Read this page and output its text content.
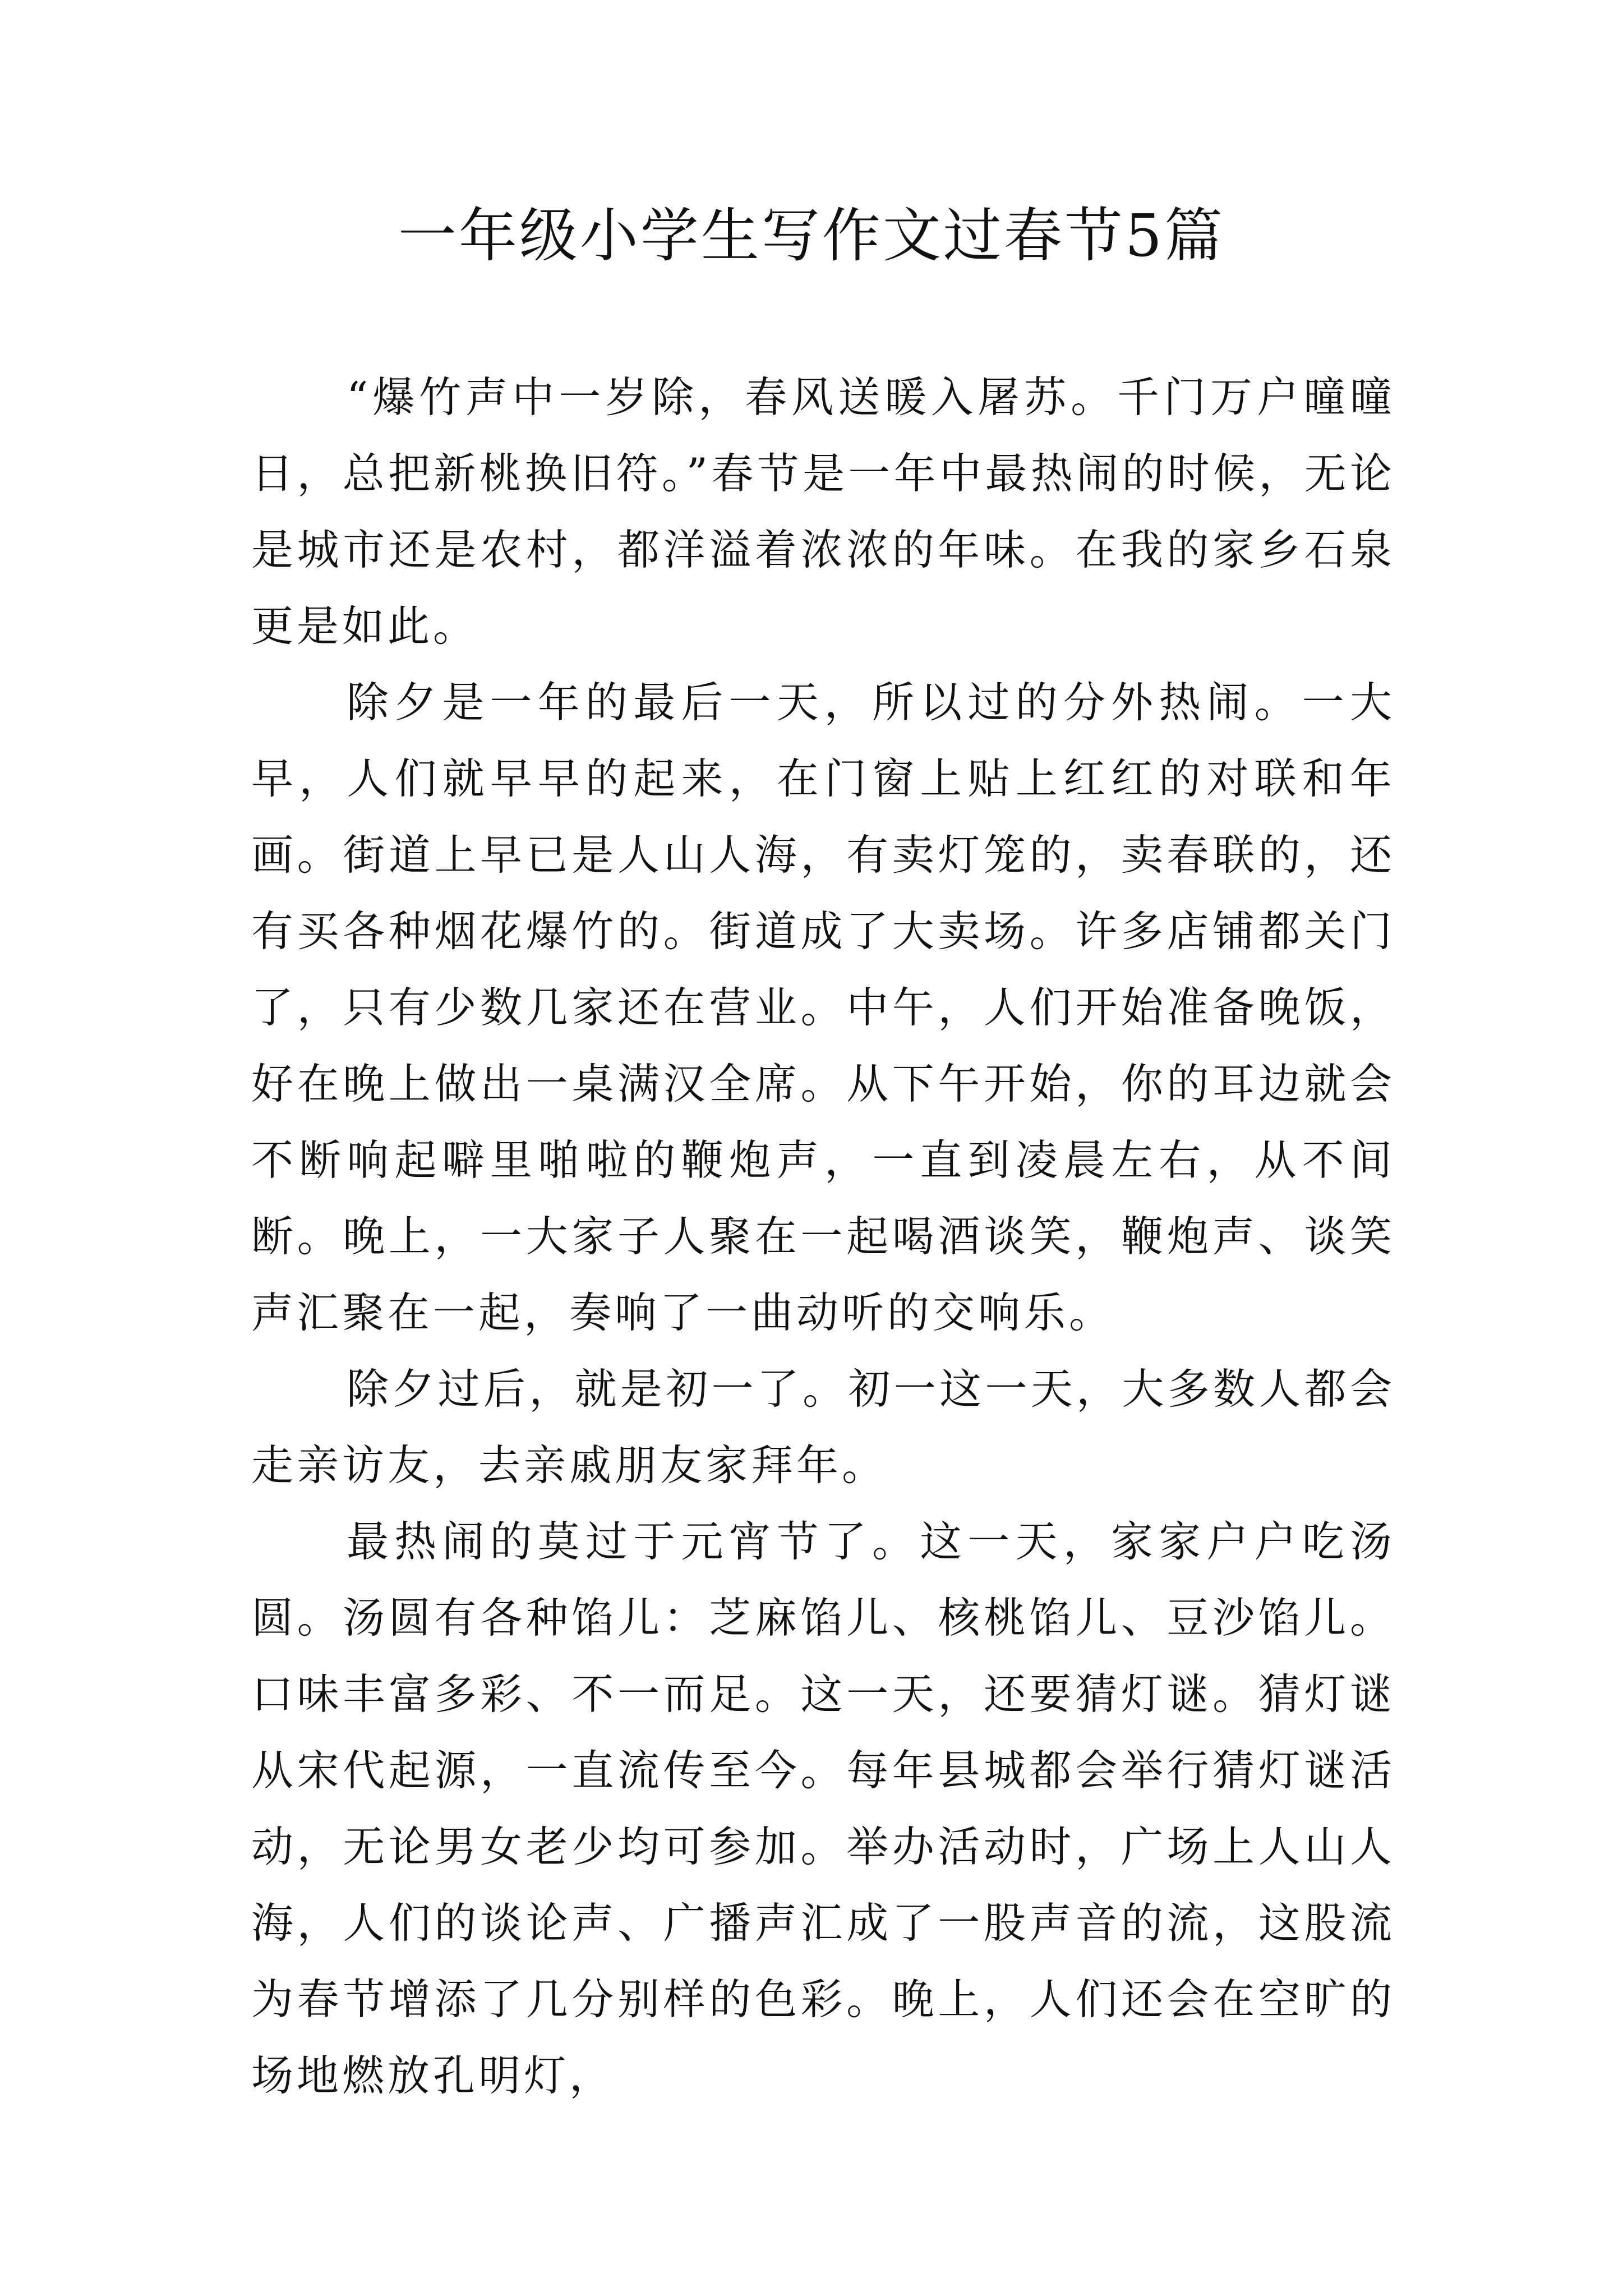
一年级小学生写作文过春节5篇

“爆竹声中一岁除，春风送暖入屠苏。千门万户曈曈日，总把新桃换旧符。”春节是一年中最热闹的时候，无论是城市还是农村，都洋溢着浓浓的年味。在我的家乡石泉更是如此。

除夕是一年的最后一天，所以过的分外热闹。一大早，人们就早早的起来，在门窗上贴上红红的对联和年画。街道上早已是人山人海，有卖灯笼的，卖春联的，还有买各种烟花爆竹的。街道成了大卖场。许多店铺都关门了，只有少数几家还在营业。中午，人们开始准备晚饭，好在晚上做出一桌满汉全席。从下午开始，你的耳边就会不断响起噼里啪啦的鞭炮声，一直到凌晨左右，从不间断。晚上，一大家子人聚在一起喝酒谈笑，鞭炮声、谈笑声汇聚在一起，奏响了一曲动听的交响乐。

除夕过后，就是初一了。初一这一天，大多数人都会走亲访友，去亲戚朋友家拜年。

最热闹的莫过于元宵节了。这一天，家家户户吃汤圆。汤圆有各种馅儿：芝麻馅儿、核桃馅儿、豆沙馅儿。口味丰富多彩、不一而足。这一天，还要猜灯谜。猜灯谜从宋代起源，一直流传至今。每年县城都会举行猜灯谜活动，无论男女老少均可参加。举办活动时，广场上人山人海，人们的谈论声、广播声汇成了一股声音的流，这股流为春节增添了几分别样的色彩。晚上，人们还会在空旷的场地燃放孔明灯，
